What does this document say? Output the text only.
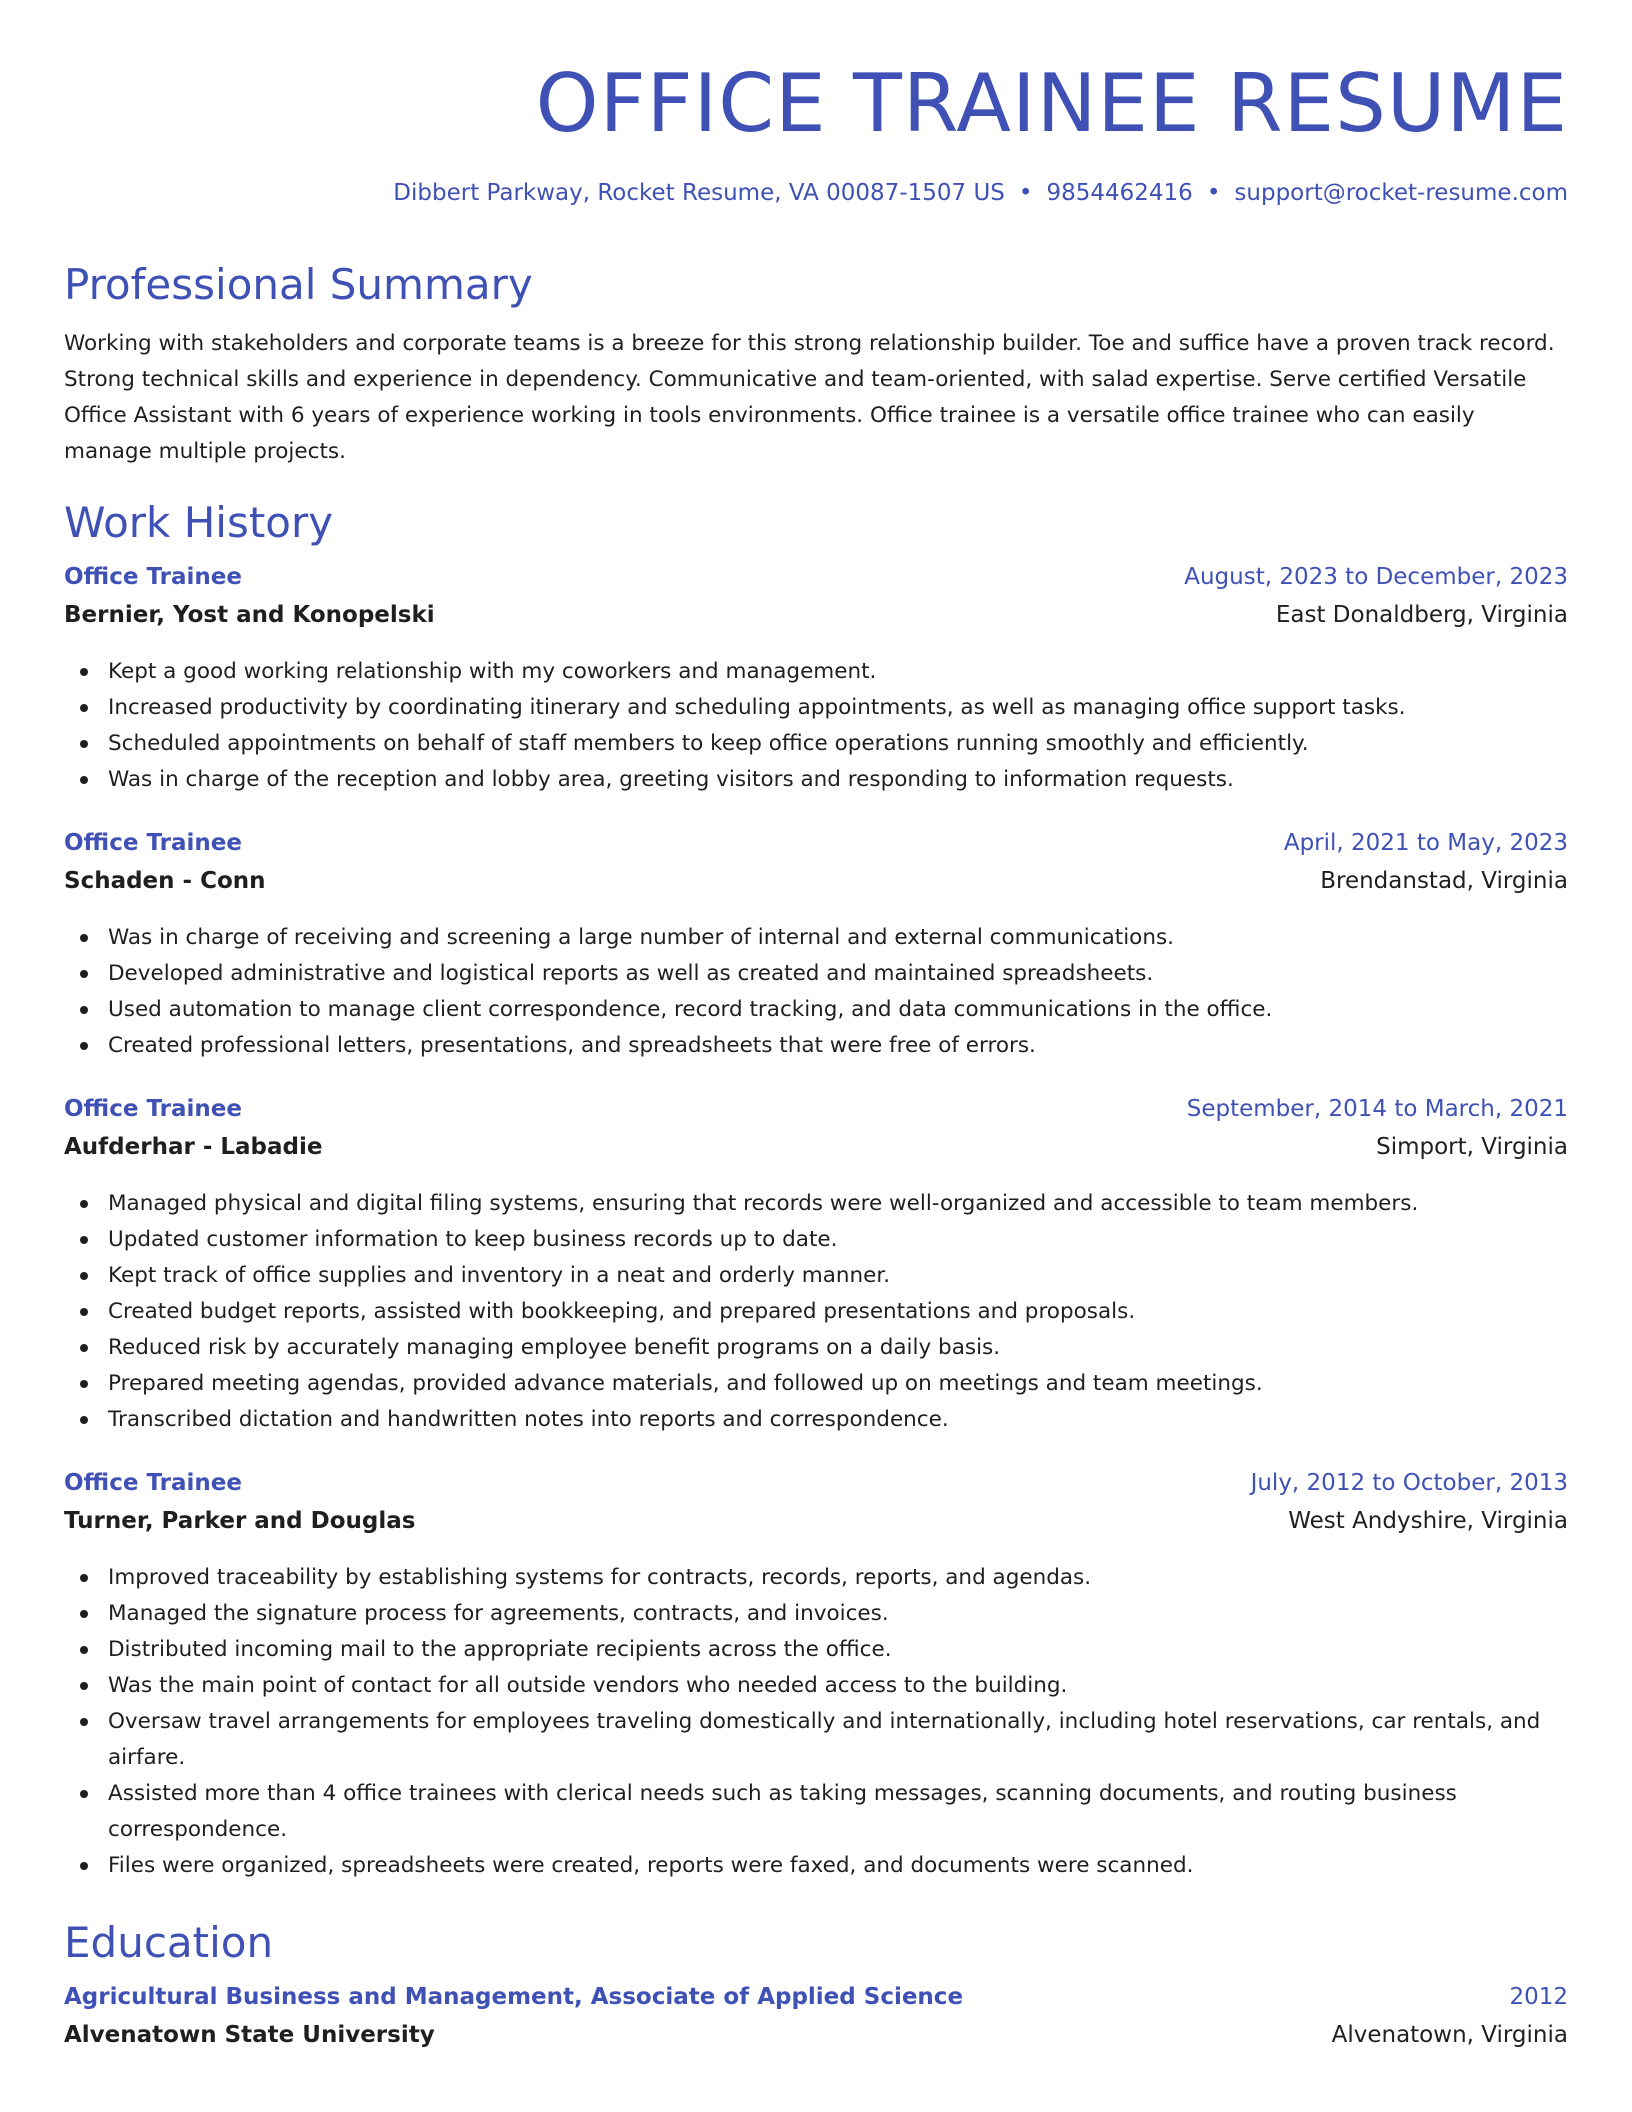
OFFICE TRAINEE RESUME
Dibbert Parkway, Rocket Resume, VA 00087-1507 US • 9854462416 • support@rocket-resume.com
Professional Summary

Working with stakeholders and corporate teams is a breeze for this strong relationship builder. Toe and suffice have a proven track record. Strong technical skills and experience in dependency. Communicative and team-oriented, with salad expertise. Serve certified Versatile Office Assistant with 6 years of experience working in tools environments. Office trainee is a versatile office trainee who can easily manage multiple projects.

Work History
Office Trainee	August, 2023 to December, 2023
Bernier, Yost and Konopelski	East Donaldberg, Virginia
Kept a good working relationship with my coworkers and management.
Increased productivity by coordinating itinerary and scheduling appointments, as well as managing office support tasks.
Scheduled appointments on behalf of staff members to keep office operations running smoothly and efficiently.
Was in charge of the reception and lobby area, greeting visitors and responding to information requests.
Office Trainee	April, 2021 to May, 2023
Schaden - Conn	Brendanstad, Virginia
Was in charge of receiving and screening a large number of internal and external communications.
Developed administrative and logistical reports as well as created and maintained spreadsheets.
Used automation to manage client correspondence, record tracking, and data communications in the office.
Created professional letters, presentations, and spreadsheets that were free of errors.
Office Trainee	September, 2014 to March, 2021
Aufderhar - Labadie	Simport, Virginia
Managed physical and digital filing systems, ensuring that records were well-organized and accessible to team members.
Updated customer information to keep business records up to date.
Kept track of office supplies and inventory in a neat and orderly manner.
Created budget reports, assisted with bookkeeping, and prepared presentations and proposals.
Reduced risk by accurately managing employee benefit programs on a daily basis.
Prepared meeting agendas, provided advance materials, and followed up on meetings and team meetings.
Transcribed dictation and handwritten notes into reports and correspondence.
Office Trainee	July, 2012 to October, 2013
Turner, Parker and Douglas	West Andyshire, Virginia
Improved traceability by establishing systems for contracts, records, reports, and agendas.
Managed the signature process for agreements, contracts, and invoices.
Distributed incoming mail to the appropriate recipients across the office.
Was the main point of contact for all outside vendors who needed access to the building.
Oversaw travel arrangements for employees traveling domestically and internationally, including hotel reservations, car rentals, and airfare.
Assisted more than 4 office trainees with clerical needs such as taking messages, scanning documents, and routing business correspondence.
Files were organized, spreadsheets were created, reports were faxed, and documents were scanned.
Education
Agricultural Business and Management, Associate of Applied Science	2012
Alvenatown State University	Alvenatown, Virginia
